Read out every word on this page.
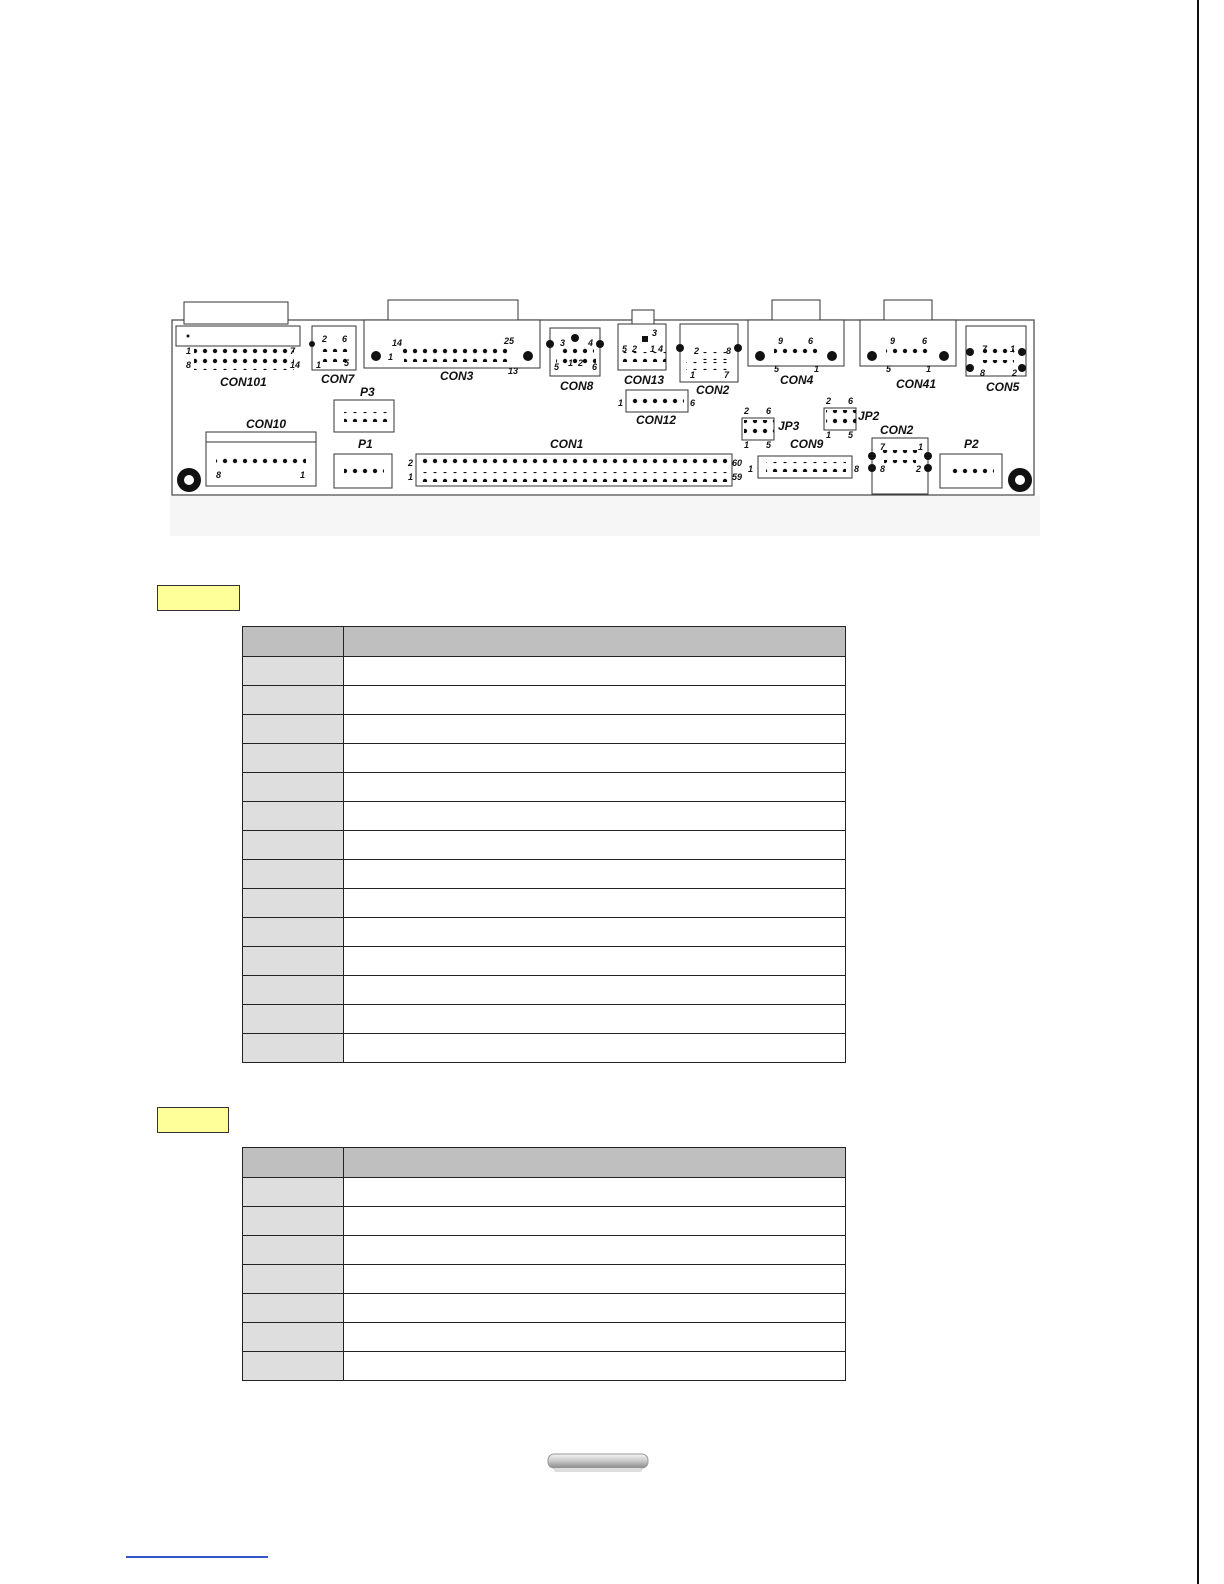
1
8
7
14
CON101
2 6
1	5
CON7
14	25
1
13
CON3
3	4
5 1 2 6
CON8
3
5 2 1 4
CON13
2	8
1	7
CON2
9	6
5	1
CON4
9	6
5	1
CON41
7	1
8	2
CON5
P3
1	6
CON12
2 6
1 5
JP3
2 6
1 5
JP2
CON10
8	1
P1	CON1
2
1
60
59
CON9
1	8
CON2
7	1
8	2
P2
